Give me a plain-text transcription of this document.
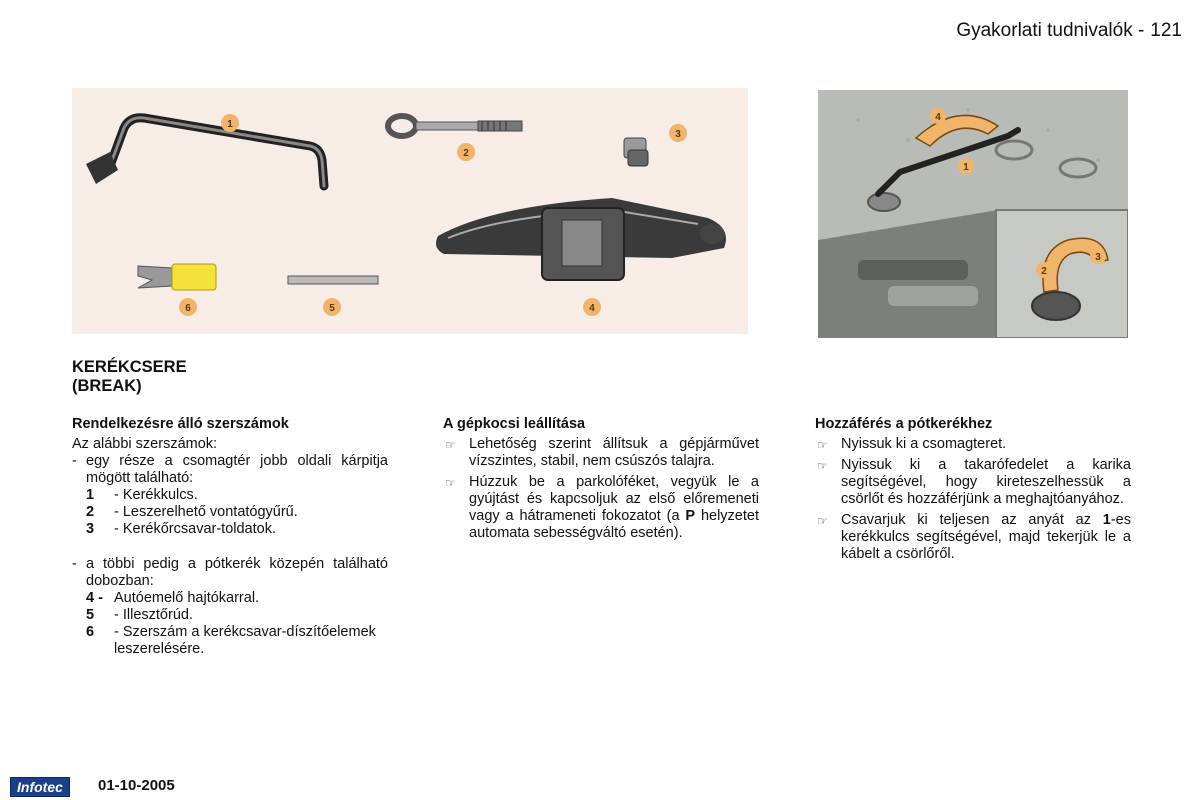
Gyakorlati tudnivalók - 121
1
2
3
4
5
6
4
1
2
3
KERÉKCSERE
(BREAK)
Rendelkezésre álló szerszámok

Az alábbi szerszámok:

- egy része a csomagtér jobb oldali kárpitja mögött található:
1 - Kerékkulcs.
2 - Leszerelhető vontatógyűrű.
3 - Kerékőrcsavar-toldatok.
- a többi pedig a pótkerék közepén található dobozban:
4 - Autóemelő hajtókarral.
5 - Illesztőrúd.
6 - Szerszám a kerékcsavar-díszítőelemek leszerelésére.
A gépkocsi leállítása
☞ Lehetőség szerint állítsuk a gépjárművet vízszintes, stabil, nem csúszós talajra.
☞ Húzzuk be a parkolóféket, vegyük le a gyújtást és kapcsoljuk az első előremeneti vagy a hátrameneti fokozatot (a P helyzetet automata sebességváltó esetén).
Hozzáférés a pótkerékhez
☞ Nyissuk ki a csomagteret.
☞ Nyissuk ki a takarófedelet a karika segítségével, hogy kireteszelhessük a csörlőt és hozzáférjünk a meghajtóanyához.
☞ Csavarjuk ki teljesen az anyát az 1-es kerékkulcs segítségével, majd tekerjük le a kábelt a csörlőről.
Infotec	01-10-2005
